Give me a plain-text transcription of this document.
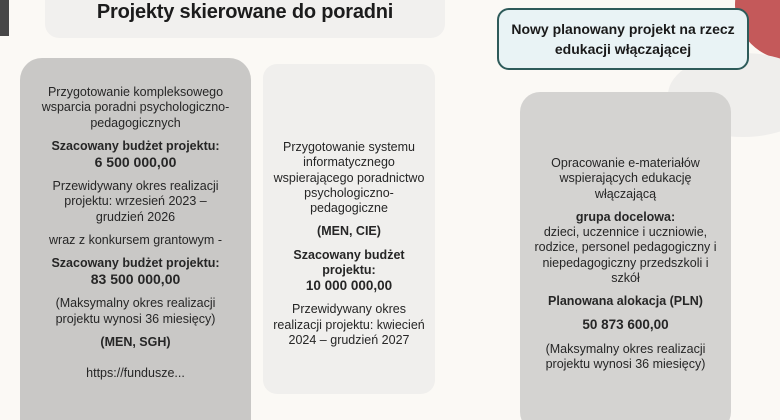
Projekty skierowane do poradni
Nowy planowany projekt na rzecz edukacji włączającej

Przygotowanie kompleksowego wsparcia poradni psychologiczno-pedagogicznych

Szacowany budżet projektu:

6 500 000,00

Przewidywany okres realizacji projektu: wrzesień 2023 – grudzień 2026

wraz z konkursem grantowym -

Szacowany budżet projektu:

83 500 000,00

(Maksymalny okres realizacji projektu wynosi 36 miesięcy)

(MEN, SGH)

https://fundusze...

Przygotowanie systemu informatycznego wspierającego poradnictwo psychologiczno-pedagogiczne

(MEN, CIE)

Szacowany budżet projektu:

10 000 000,00

Przewidywany okres realizacji projektu: kwiecień 2024 – grudzień 2027

Opracowanie e-materiałów wspierających edukację włączającą

grupa docelowa:

dzieci, uczennice i uczniowie, rodzice, personel pedagogiczny i niepedagogiczny przedszkoli i szkół

Planowana alokacja (PLN)

50 873 600,00

(Maksymalny okres realizacji projektu wynosi 36 miesięcy)
